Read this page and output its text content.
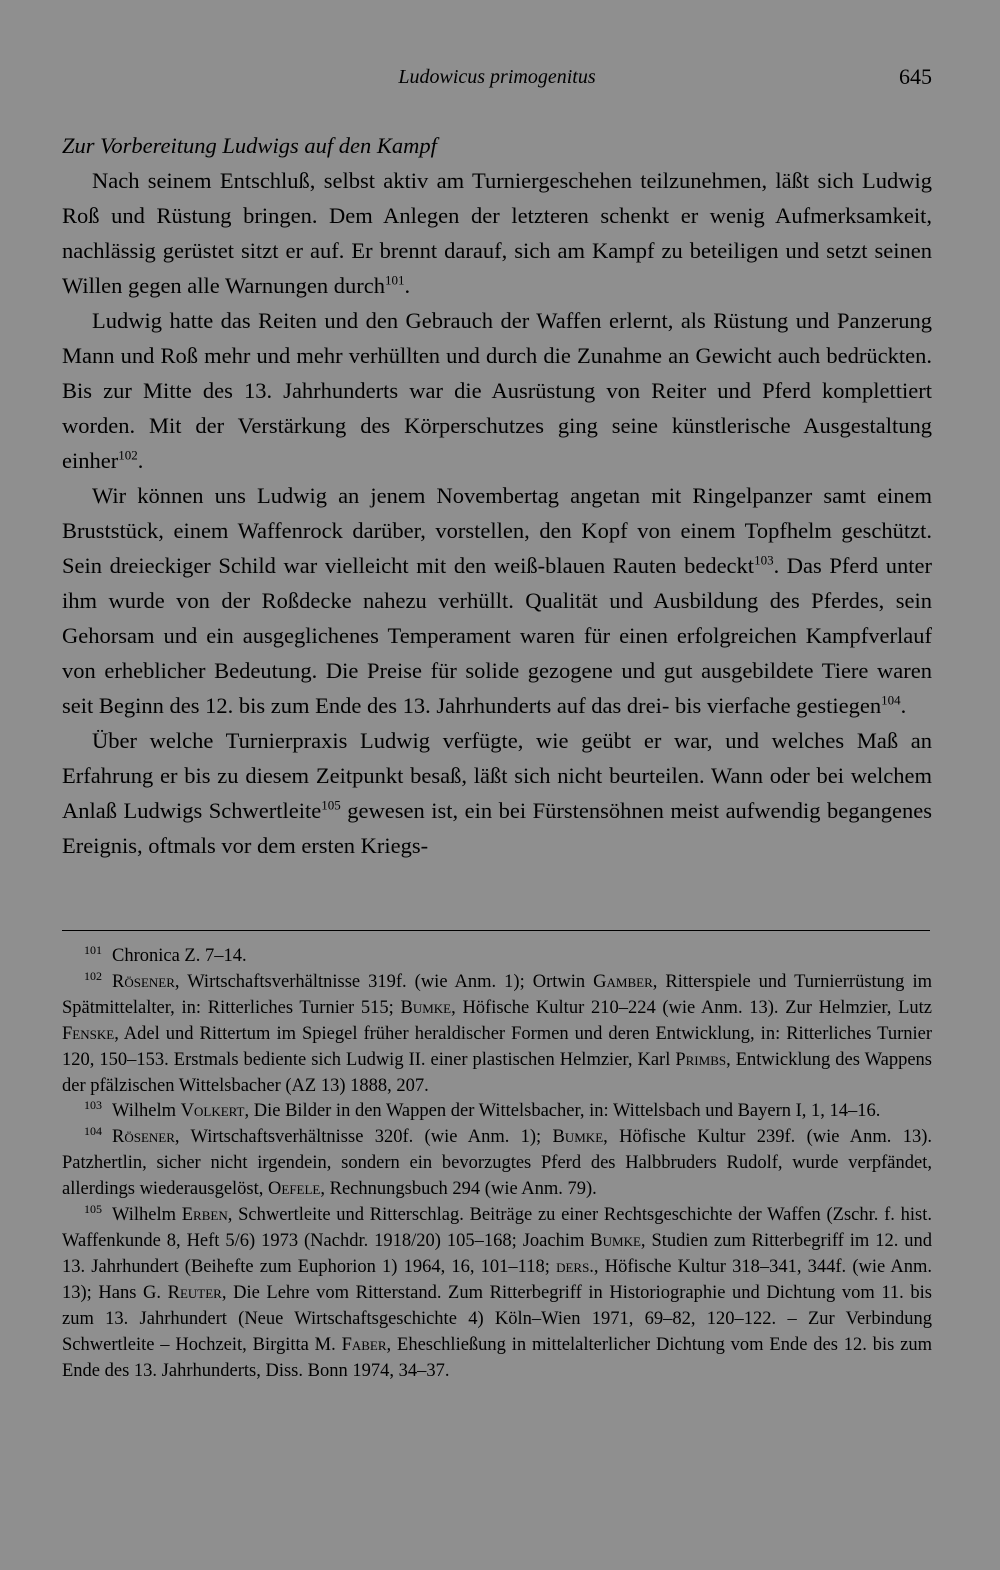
Ludowicus primogenitus	645

Zur Vorbereitung Ludwigs auf den Kampf

Nach seinem Entschluß, selbst aktiv am Turniergeschehen teilzunehmen, läßt sich Ludwig Roß und Rüstung bringen. Dem Anlegen der letzteren schenkt er wenig Aufmerksamkeit, nachlässig gerüstet sitzt er auf. Er brennt darauf, sich am Kampf zu beteiligen und setzt seinen Willen gegen alle Warnungen durch$^{101}$.

Ludwig hatte das Reiten und den Gebrauch der Waffen erlernt, als Rüstung und Panzerung Mann und Roß mehr und mehr verhüllten und durch die Zunahme an Gewicht auch bedrückten. Bis zur Mitte des 13. Jahrhunderts war die Ausrüstung von Reiter und Pferd komplettiert worden. Mit der Verstärkung des Körperschutzes ging seine künstlerische Ausgestaltung einher$^{102}$.

Wir können uns Ludwig an jenem Novembertag angetan mit Ringelpanzer samt einem Bruststück, einem Waffenrock darüber, vorstellen, den Kopf von einem Topfhelm geschützt. Sein dreieckiger Schild war vielleicht mit den weiß-blauen Rauten bedeckt$^{103}$. Das Pferd unter ihm wurde von der Roßdecke nahezu verhüllt. Qualität und Ausbildung des Pferdes, sein Gehorsam und ein ausgeglichenes Temperament waren für einen erfolgreichen Kampfverlauf von erheblicher Bedeutung. Die Preise für solide gezogene und gut ausgebildete Tiere waren seit Beginn des 12. bis zum Ende des 13. Jahrhunderts auf das drei- bis vierfache gestiegen$^{104}$.

Über welche Turnierpraxis Ludwig verfügte, wie geübt er war, und welches Maß an Erfahrung er bis zu diesem Zeitpunkt besaß, läßt sich nicht beurteilen. Wann oder bei welchem Anlaß Ludwigs Schwertleite$^{105}$ gewesen ist, ein bei Fürstensöhnen meist aufwendig begangenes Ereignis, oftmals vor dem ersten Kriegs-

$^{101}$ Chronica Z. 7–14.

$^{102}$ Rösener, Wirtschaftsverhältnisse 319f. (wie Anm. 1); Ortwin Gamber, Ritterspiele und Turnierrüstung im Spätmittelalter, in: Ritterliches Turnier 515; Bumke, Höfische Kultur 210–224 (wie Anm. 13). Zur Helmzier, Lutz Fenske, Adel und Rittertum im Spiegel früher heraldischer Formen und deren Entwicklung, in: Ritterliches Turnier 120, 150–153. Erstmals bediente sich Ludwig II. einer plastischen Helmzier, Karl Primbs, Entwicklung des Wappens der pfälzischen Wittelsbacher (AZ 13) 1888, 207.

$^{103}$ Wilhelm Volkert, Die Bilder in den Wappen der Wittelsbacher, in: Wittelsbach und Bayern I, 1, 14–16.

$^{104}$ Rösener, Wirtschaftsverhältnisse 320f. (wie Anm. 1); Bumke, Höfische Kultur 239f. (wie Anm. 13). Patzhertlin, sicher nicht irgendein, sondern ein bevorzugtes Pferd des Halbbruders Rudolf, wurde verpfändet, allerdings wiederausgelöst, Oefele, Rechnungsbuch 294 (wie Anm. 79).

$^{105}$ Wilhelm Erben, Schwertleite und Ritterschlag. Beiträge zu einer Rechtsgeschichte der Waffen (Zschr. f. hist. Waffenkunde 8, Heft 5/6) 1973 (Nachdr. 1918/20) 105–168; Joachim Bumke, Studien zum Ritterbegriff im 12. und 13. Jahrhundert (Beihefte zum Euphorion 1) 1964, 16, 101–118; ders., Höfische Kultur 318–341, 344f. (wie Anm. 13); Hans G. Reuter, Die Lehre vom Ritterstand. Zum Ritterbegriff in Historiographie und Dichtung vom 11. bis zum 13. Jahrhundert (Neue Wirtschaftsgeschichte 4) Köln–Wien 1971, 69–82, 120–122. – Zur Verbindung Schwertleite – Hochzeit, Birgitta M. Faber, Eheschließung in mittelalterlicher Dichtung vom Ende des 12. bis zum Ende des 13. Jahrhunderts, Diss. Bonn 1974, 34–37.
